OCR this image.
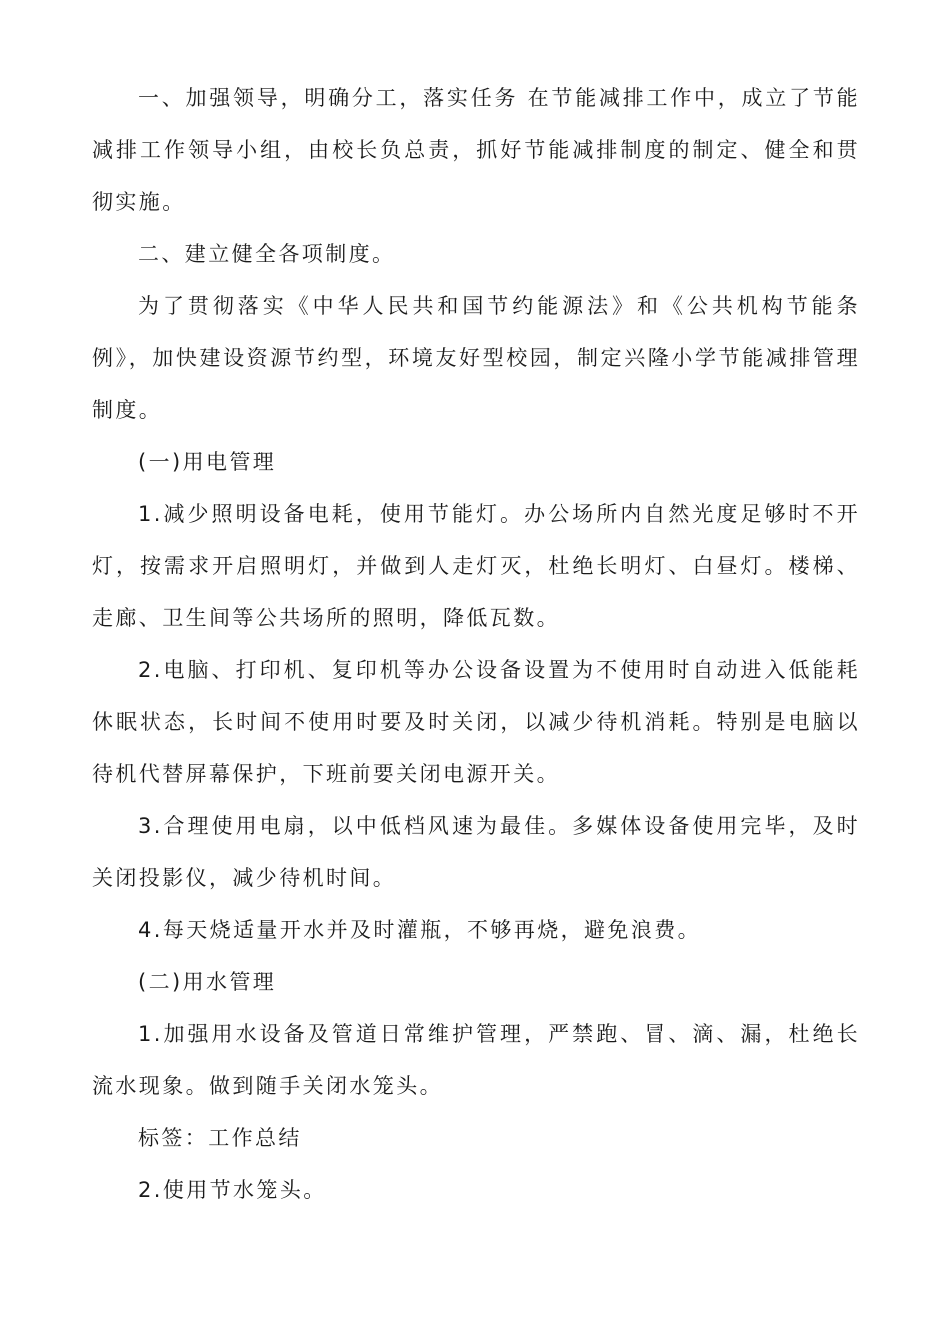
一、加强领导，明确分工，落实任务 在节能减排工作中，成立了节能减排工作领导小组，由校长负总责，抓好节能减排制度的制定、健全和贯彻实施。

二、建立健全各项制度。

为了贯彻落实《中华人民共和国节约能源法》和《公共机构节能条例》，加快建设资源节约型，环境友好型校园，制定兴隆小学节能减排管理制度。

(一)用电管理

1.减少照明设备电耗，使用节能灯。办公场所内自然光度足够时不开灯，按需求开启照明灯，并做到人走灯灭，杜绝长明灯、白昼灯。楼梯、走廊、卫生间等公共场所的照明，降低瓦数。

2.电脑、打印机、复印机等办公设备设置为不使用时自动进入低能耗休眠状态，长时间不使用时要及时关闭，以减少待机消耗。特别是电脑以待机代替屏幕保护，下班前要关闭电源开关。

3.合理使用电扇，以中低档风速为最佳。多媒体设备使用完毕，及时关闭投影仪，减少待机时间。

4.每天烧适量开水并及时灌瓶，不够再烧，避免浪费。

(二)用水管理

1.加强用水设备及管道日常维护管理，严禁跑、冒、滴、漏，杜绝长流水现象。做到随手关闭水笼头。

标签：工作总结

2.使用节水笼头。
